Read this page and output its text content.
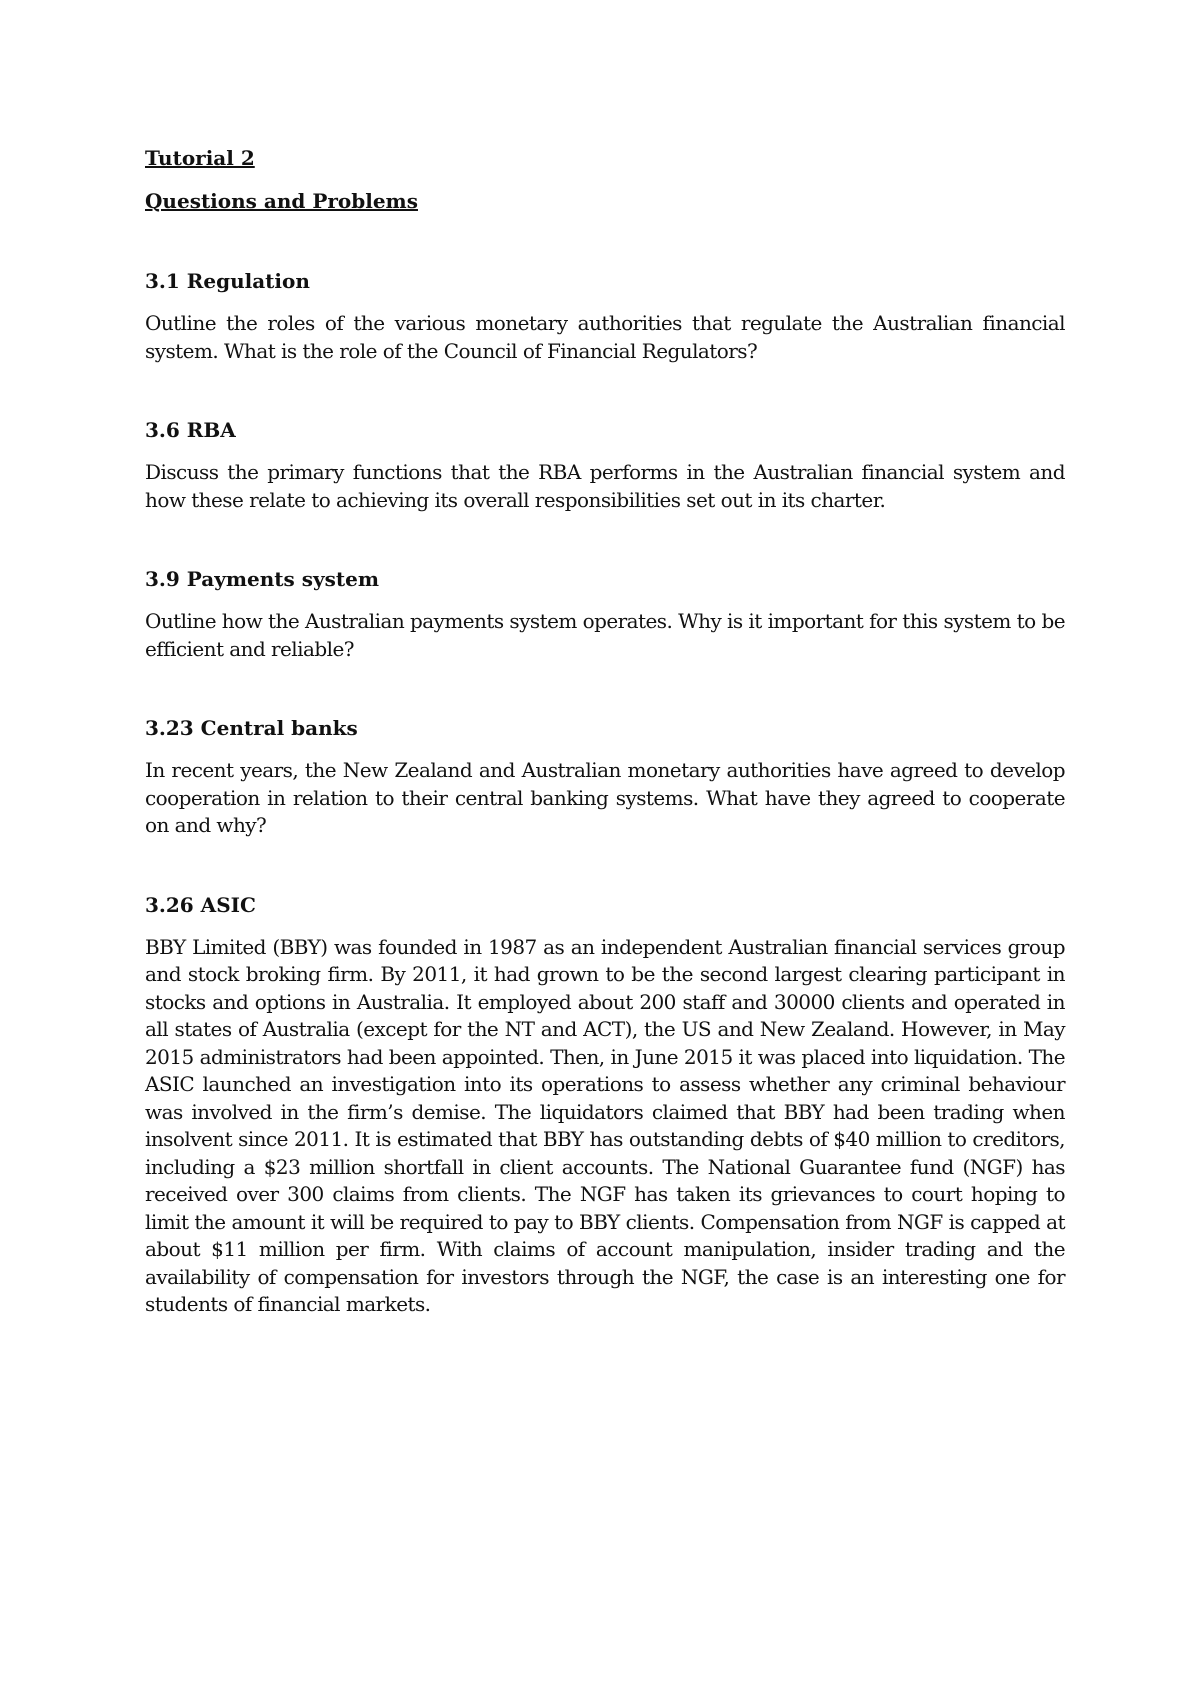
Tutorial 2

Questions and Problems

3.1 Regulation

Outline the roles of the various monetary authorities that regulate the Australian financial system. What is the role of the Council of Financial Regulators?

3.6 RBA

Discuss the primary functions that the RBA performs in the Australian financial system and how these relate to achieving its overall responsibilities set out in its charter.

3.9 Payments system

Outline how the Australian payments system operates. Why is it important for this system to be efficient and reliable?

3.23 Central banks

In recent years, the New Zealand and Australian monetary authorities have agreed to develop cooperation in relation to their central banking systems. What have they agreed to cooperate on and why?

3.26 ASIC

BBY Limited (BBY) was founded in 1987 as an independent Australian financial services group and stock broking firm. By 2011, it had grown to be the second largest clearing participant in stocks and options in Australia. It employed about 200 staff and 30000 clients and operated in all states of Australia (except for the NT and ACT), the US and New Zealand. However, in May 2015 administrators had been appointed. Then, in June 2015 it was placed into liquidation. The ASIC launched an investigation into its operations to assess whether any criminal behaviour was involved in the firm’s demise. The liquidators claimed that BBY had been trading when insolvent since 2011. It is estimated that BBY has outstanding debts of $40 million to creditors, including a $23 million shortfall in client accounts. The National Guarantee fund (NGF) has received over 300 claims from clients. The NGF has taken its grievances to court hoping to limit the amount it will be required to pay to BBY clients. Compensation from NGF is capped at about $11 million per firm. With claims of account manipulation, insider trading and the availability of compensation for investors through the NGF, the case is an interesting one for students of financial markets.
